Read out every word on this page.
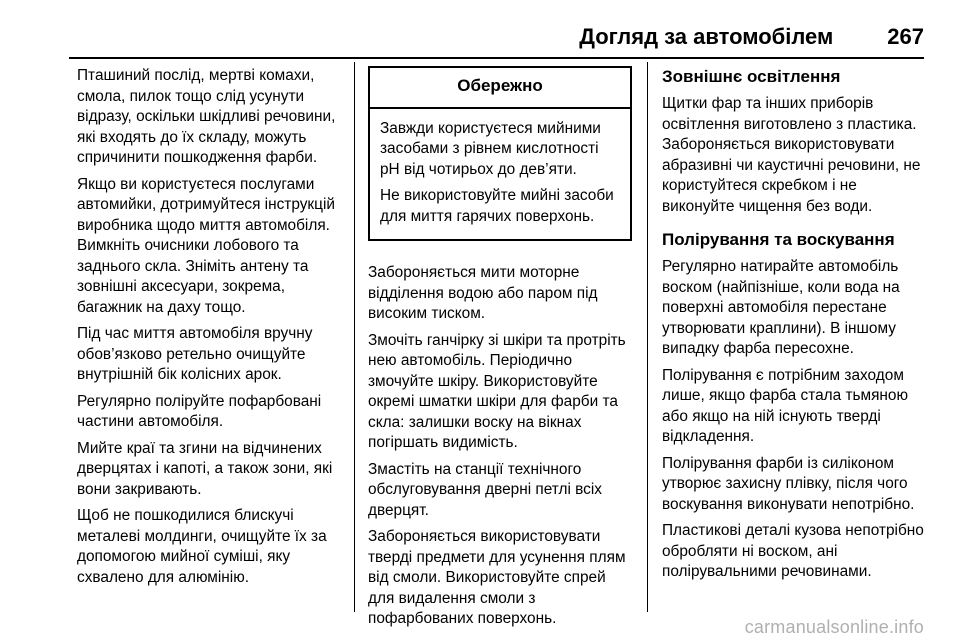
Догляд за автомобілем 267

Пташиний послід, мертві комахи, смола, пилок тощо слід усунути відразу, оскільки шкідливі речовини, які входять до їх складу, можуть спричинити пошкодження фарби.

Якщо ви користуєтеся послугами автомийки, дотримуйтеся інструкцій виробника щодо миття автомобіля. Вимкніть очисники лобового та заднього скла. Зніміть антену та зовнішні аксесуари, зокрема, багажник на даху тощо.

Під час миття автомобіля вручну обов’язково ретельно очищуйте внутрішній бік колісних арок.

Регулярно поліруйте пофарбовані частини автомобіля.

Мийте краї та згини на відчинених дверцятах і капоті, а також зони, які вони закривають.

Щоб не пошкодилися блискучі металеві молдинги, очищуйте їх за допомогою мийної суміші, яку схвалено для алюмінію.

Обережно

Завжди користуєтеся мийними засобами з рівнем кислотності pH від чотирьох до дев’яти.

Не використовуйте мийні засоби для миття гарячих поверхонь.

Забороняється мити моторне відділення водою або паром під високим тиском.

Змочіть ганчірку зі шкіри та протріть нею автомобіль. Періодично змочуйте шкіру. Використовуйте окремі шматки шкіри для фарби та скла: залишки воску на вікнах погіршать видимість.

Змастіть на станції технічного обслуговування дверні петлі всіх дверцят.

Забороняється використовувати тверді предмети для усунення плям від смоли. Використовуйте спрей для видалення смоли з пофарбованих поверхонь.

Зовнішнє освітлення

Щитки фар та інших приборів освітлення виготовлено з пластика. Забороняється використовувати абразивні чи каустичні речовини, не користуйтеся скребком і не виконуйте чищення без води.

Полірування та воскування

Регулярно натирайте автомобіль воском (найпізніше, коли вода на поверхні автомобіля перестане утворювати краплини). В іншому випадку фарба пересохне.

Полірування є потрібним заходом лише, якщо фарба стала тьмяною або якщо на ній існують тверді відкладення.

Полірування фарби із силіконом утворює захисну плівку, після чого воскування виконувати непотрібно.

Пластикові деталі кузова непотрібно обробляти ні воском, ані полірувальними речовинами.

carmanualsonline.info
